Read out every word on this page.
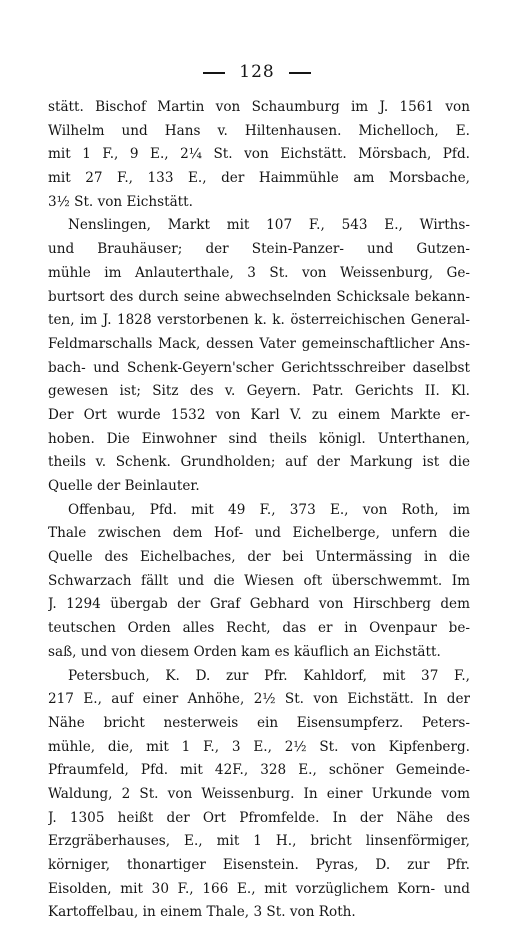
128
stätt. Bischof Martin von Schaumburg im J. 1561 von
Wilhelm und Hans v. Hiltenhausen. Michelloch, E.
mit 1 F., 9 E., 2¼ St. von Eichstätt. Mörsbach, Pfd.
mit 27 F., 133 E., der Haimmühle am Morsbache,
3½ St. von Eichstätt.
Nenslingen, Markt mit 107 F., 543 E., Wirths-
und Brauhäuser; der Stein-Panzer- und Gutzen-
mühle im Anlauterthale, 3 St. von Weissenburg, Ge-
burtsort des durch seine abwechselnden Schicksale bekann-
ten, im J. 1828 verstorbenen k. k. österreichischen General-
Feldmarschalls Mack, dessen Vater gemeinschaftlicher Ans-
bach- und Schenk-Geyern'scher Gerichtsschreiber daselbst
gewesen ist; Sitz des v. Geyern. Patr. Gerichts II. Kl.
Der Ort wurde 1532 von Karl V. zu einem Markte er-
hoben. Die Einwohner sind theils königl. Unterthanen,
theils v. Schenk. Grundholden; auf der Markung ist die
Quelle der Beinlauter.
Offenbau, Pfd. mit 49 F., 373 E., von Roth, im
Thale zwischen dem Hof- und Eichelberge, unfern die
Quelle des Eichelbaches, der bei Untermässing in die
Schwarzach fällt und die Wiesen oft überschwemmt. Im
J. 1294 übergab der Graf Gebhard von Hirschberg dem
teutschen Orden alles Recht, das er in Ovenpaur be-
saß, und von diesem Orden kam es käuflich an Eichstätt.
Petersbuch, K. D. zur Pfr. Kahldorf, mit 37 F.,
217 E., auf einer Anhöhe, 2½ St. von Eichstätt. In der
Nähe bricht nesterweis ein Eisensumpferz. Peters-
mühle, die, mit 1 F., 3 E., 2½ St. von Kipfenberg.
Pfraumfeld, Pfd. mit 42F., 328 E., schöner Gemeinde-
Waldung, 2 St. von Weissenburg. In einer Urkunde vom
J. 1305 heißt der Ort Pfromfelde. In der Nähe des
Erzgräberhauses, E., mit 1 H., bricht linsenförmiger,
körniger, thonartiger Eisenstein. Pyras, D. zur Pfr.
Eisolden, mit 30 F., 166 E., mit vorzüglichem Korn- und
Kartoffelbau, in einem Thale, 3 St. von Roth.
